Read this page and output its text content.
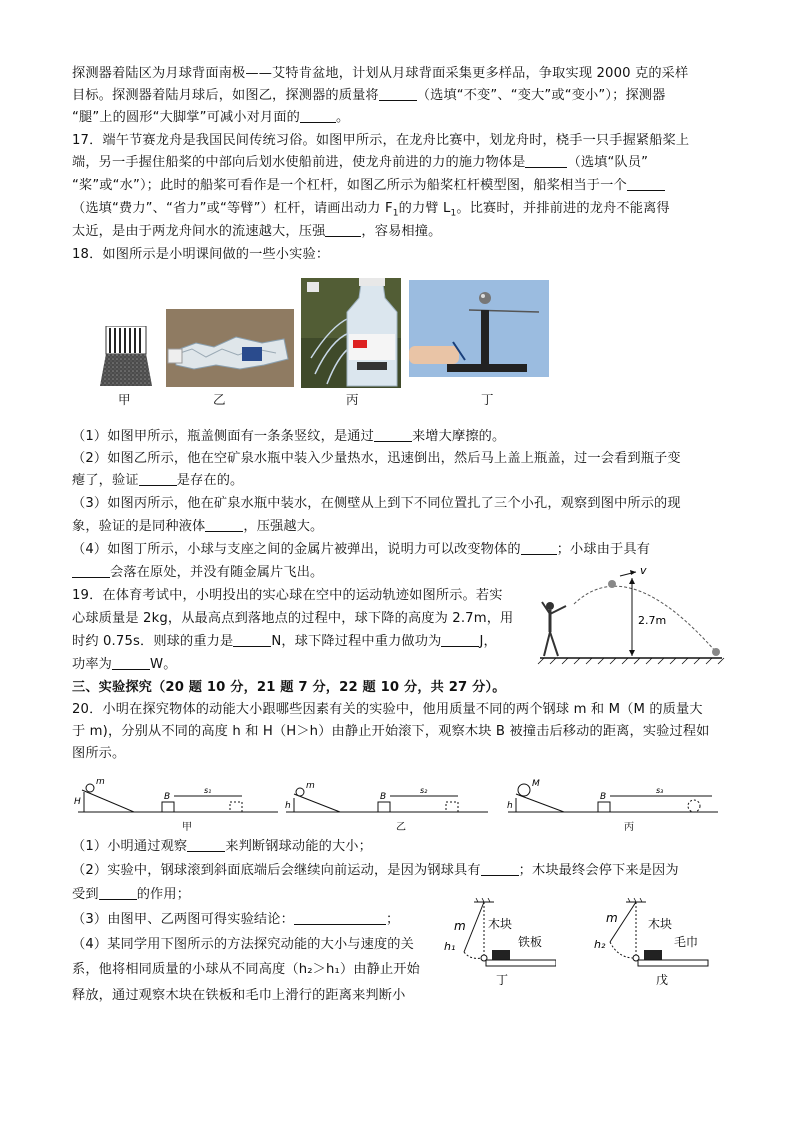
探测器着陆区为月球背面南极——艾特肯盆地，计划从月球背面采集更多样品，争取实现 2000 克的采样
目标。探测器着陆月球后，如图乙，探测器的质量将	（选填“不变”、“变大”或“变小”）；探测器
“腿”上的圆形“大脚掌”可减小对月面的	。
17．端午节赛龙舟是我国民间传统习俗。如图甲所示，在龙舟比赛中，划龙舟时，桡手一只手握紧船桨上
端，另一手握住船桨的中部向后划水使船前进，使龙舟前进的力的施力物体是	（选填“队员”
“桨”或“水”）；此时的船桨可看作是一个杠杆，如图乙所示为船桨杠杆模型图，船桨相当于一个
（选填“费力”、“省力”或“等臂”）杠杆，请画出动力 $F_1$的力臂 $L_1$。比赛时，并排前进的龙舟不能离得
太近，是由于两龙舟间水的流速越大，压强	，容易相撞。
18．如图所示是小明课间做的一些小实验：
甲	乙	丙	丁
（1）如图甲所示，瓶盖侧面有一条条竖纹，是通过	来增大摩擦的。
（2）如图乙所示，他在空矿泉水瓶中装入少量热水，迅速倒出，然后马上盖上瓶盖，过一会看到瓶子变
瘪了，验证	是存在的。
（3）如图丙所示，他在矿泉水瓶中装水，在侧壁从上到下不同位置扎了三个小孔，观察到图中所示的现
象，验证的是同种液体	，压强越大。
（4）如图丁所示，小球与支座之间的金属片被弹出，说明力可以改变物体的	；小球由于具有
会落在原处，并没有随金属片飞出。
19．在体育考试中，小明投出的实心球在空中的运动轨迹如图所示。若实
心球质量是 2kg，从最高点到落地点的过程中，球下降的高度为 2.7m，用
时约 0.75s．则球的重力是	N，球下降过程中重力做功为	J，
功率为	W。
v
2.7m
三、实验探究（20 题 10 分，21 题 7 分，22 题 10 分，共 27 分）。
20．小明在探究物体的动能大小跟哪些因素有关的实验中，他用质量不同的两个钢球 m 和 M（M 的质量大
于 m)，分别从不同的高度 h 和 H（H＞h）由静止开始滚下，观察木块 B 被撞击后移动的距离，实验过程如
图所示。
m
H	B
s₁
甲
m
h
B
s₂
乙
M
h
B
s₃
丙
（1）小明通过观察	来判断钢球动能的大小；
（2）实验中，钢球滚到斜面底端后会继续向前运动，是因为钢球具有	；木块最终会停下来是因为
受到	的作用；
（3）由图甲、乙两图可得实验结论：	；
（4）某同学用下图所示的方法探究动能的大小与速度的关
系，他将相同质量的小球从不同高度（h₂＞h₁）由静止开始
释放，通过观察木块在铁板和毛巾上滑行的距离来判断小
m
h₁
木块
铁板
丁
m
h₂
木块
毛巾
戊
